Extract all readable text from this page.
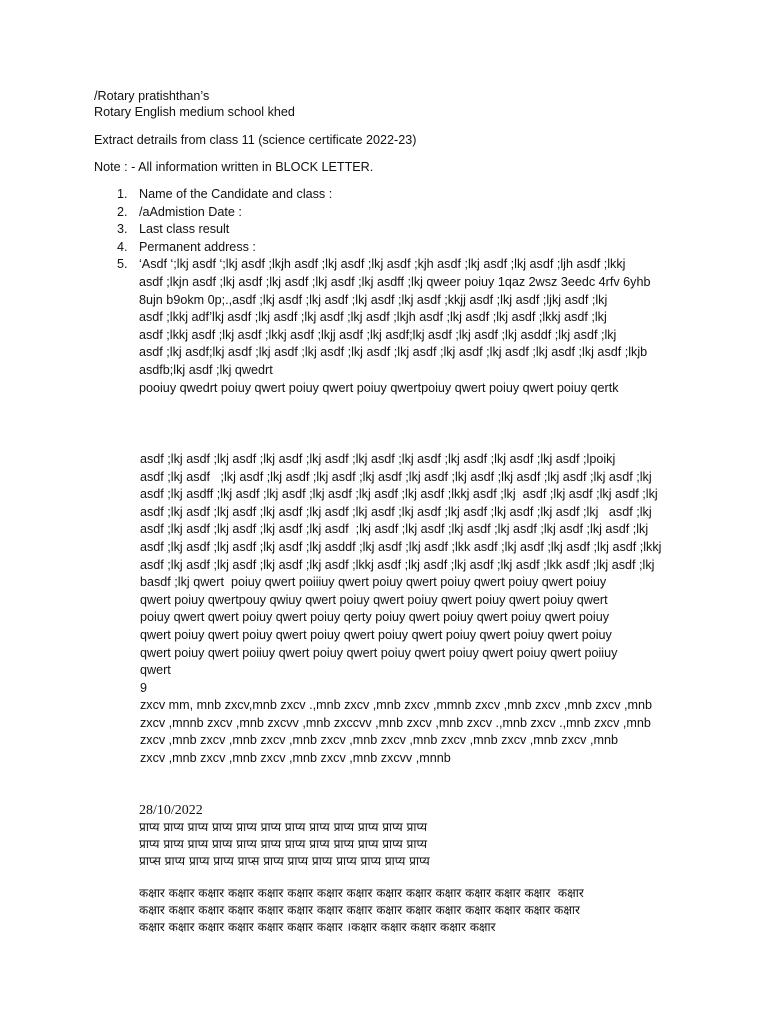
/Rotary pratishthan’s
Rotary English medium school khed
Extract detrails from class 11 (science certificate 2022-23)
Note : - All information written in BLOCK LETTER.
1. Name of the Candidate and class :
2. /aAdmistion Date :
3. Last class result
4. Permanent address :
5. ‘Asdf ‘;lkj asdf ‘;lkj asdf ;lkjh asdf ;lkj asdf ;lkj asdf ;kjh asdf ;lkj asdf ;lkj asdf ;ljh asdf ;lkkj
asdf ;lkjn asdf ;lkj asdf ;lkj asdf ;lkj asdf ;lkj asdff ;lkj qweer poiuy 1qaz 2wsz 3eedc 4rfv 6yhb
8ujn b9okm 0p;.,asdf ;lkj asdf ;lkj asdf ;lkj asdf ;lkj asdf ;kkjj asdf ;lkj asdf ;ljkj asdf ;lkj
asdf ;lkkj adf’lkj asdf ;lkj asdf ;lkj asdf ;lkj asdf ;lkjh asdf ;lkj asdf ;lkj asdf ;lkkj asdf ;lkj
asdf ;lkkj asdf ;lkj asdf ;lkkj asdf ;lkjj asdf ;lkj asdf;lkj asdf ;lkj asdf ;lkj asddf ;lkj asdf ;lkj
asdf ;lkj asdf;lkj asdf ;lkj asdf ;lkj asdf ;lkj asdf ;lkj asdf ;lkj asdf ;lkj asdf ;lkj asdf ;lkj asdf ;lkjb
asdfb;lkj asdf ;lkj qwedrt
pooiuy qwedrt poiuy qwert poiuy qwert poiuy qwertpoiuy qwert poiuy qwert poiuy qertk
asdf ;lkj asdf ;lkj asdf ;lkj asdf ;lkj asdf ;lkj asdf ;lkj asdf ;lkj asdf ;lkj asdf ;lkj asdf ;lpoikj
asdf ;lkj asdf   ;lkj asdf ;lkj asdf ;lkj asdf ;lkj asdf ;lkj asdf ;lkj asdf ;lkj asdf ;lkj asdf ;lkj asdf ;lkj
asdf ;lkj asdff ;lkj asdf ;lkj asdf ;lkj asdf ;lkj asdf ;lkj asdf ;lkkj asdf ;lkj  asdf ;lkj asdf ;lkj asdf ;lkj
asdf ;lkj asdf ;lkj asdf ;lkj asdf ;lkj asdf ;lkj asdf ;lkj asdf ;lkj asdf ;lkj asdf ;lkj asdf ;lkj   asdf ;lkj
asdf ;lkj asdf ;lkj asdf ;lkj asdf ;lkj asdf  ;lkj asdf ;lkj asdf ;lkj asdf ;lkj asdf ;lkj asdf ;lkj asdf ;lkj
asdf ;lkj asdf ;lkj asdf ;lkj asdf ;lkj asddf ;lkj asdf ;lkj asdf ;lkk asdf ;lkj asdf ;lkj asdf ;lkj asdf ;lkkj
asdf ;lkj asdf ;lkj asdf ;lkj asdf ;lkj asdf ;lkkj asdf ;lkj asdf ;lkj asdf ;lkj asdf ;lkk asdf ;lkj asdf ;lkj
basdf ;lkj qwert  poiuy qwert poiiiuy qwert poiuy qwert poiuy qwert poiuy qwert poiuy
qwert poiuy qwertpouy qwiuy qwert poiuy qwert poiuy qwert poiuy qwert poiuy qwert
poiuy qwert qwert poiuy qwert poiuy qerty poiuy qwert poiuy qwert poiuy qwert poiuy
qwert poiuy qwert poiuy qwert poiuy qwert poiuy qwert poiuy qwert poiuy qwert poiuy
qwert poiuy qwert poiiuy qwert poiuy qwert poiuy qwert poiuy qwert poiuy qwert poiiuy
qwert
9
zxcv mm, mnb zxcv,mnb zxcv .,mnb zxcv ,mnb zxcv ,mmnb zxcv ,mnb zxcv ,mnb zxcv ,mnb
zxcv ,mnnb zxcv ,mnb zxcvv ,mnb zxccvv ,mnb zxcv ,mnb zxcv .,mnb zxcv .,mnb zxcv ,mnb
zxcv ,mnb zxcv ,mnb zxcv ,mnb zxcv ,mnb zxcv ,mnb zxcv ,mnb zxcv ,mnb zxcv ,mnb
zxcv ,mnb zxcv ,mnb zxcv ,mnb zxcv ,mnb zxcvv ,mnnb
28/10/2022
प्राप्य प्राप्य प्राप्य प्राप्य प्राप्य प्राप्य प्राप्य प्राप्य प्राप्य प्राप्य प्राप्य प्राप्य
प्राप्य प्राप्य प्राप्य प्राप्य प्राप्य प्राप्य प्राप्य प्राप्य प्राप्य प्राप्य प्राप्य प्राप्य
प्राप्स प्राप्य प्राप्य प्राप्य प्राप्स प्राप्य प्राप्य प्राप्य प्राप्य प्राप्य प्राप्य प्राप्य
कक्षार कक्षार कक्षार कक्षार कक्षार कक्षार कक्षार कक्षार कक्षार कक्षार कक्षार कक्षार कक्षार कक्षार  कक्षार
कक्षार कक्षार कक्षार कक्षार कक्षार कक्षार कक्षार कक्षार कक्षार कक्षार कक्षार कक्षार कक्षार कक्षार कक्षार
कक्षार कक्षार कक्षार कक्षार कक्षार कक्षार कक्षार ।कक्षार कक्षार कक्षार कक्षार कक्षार
